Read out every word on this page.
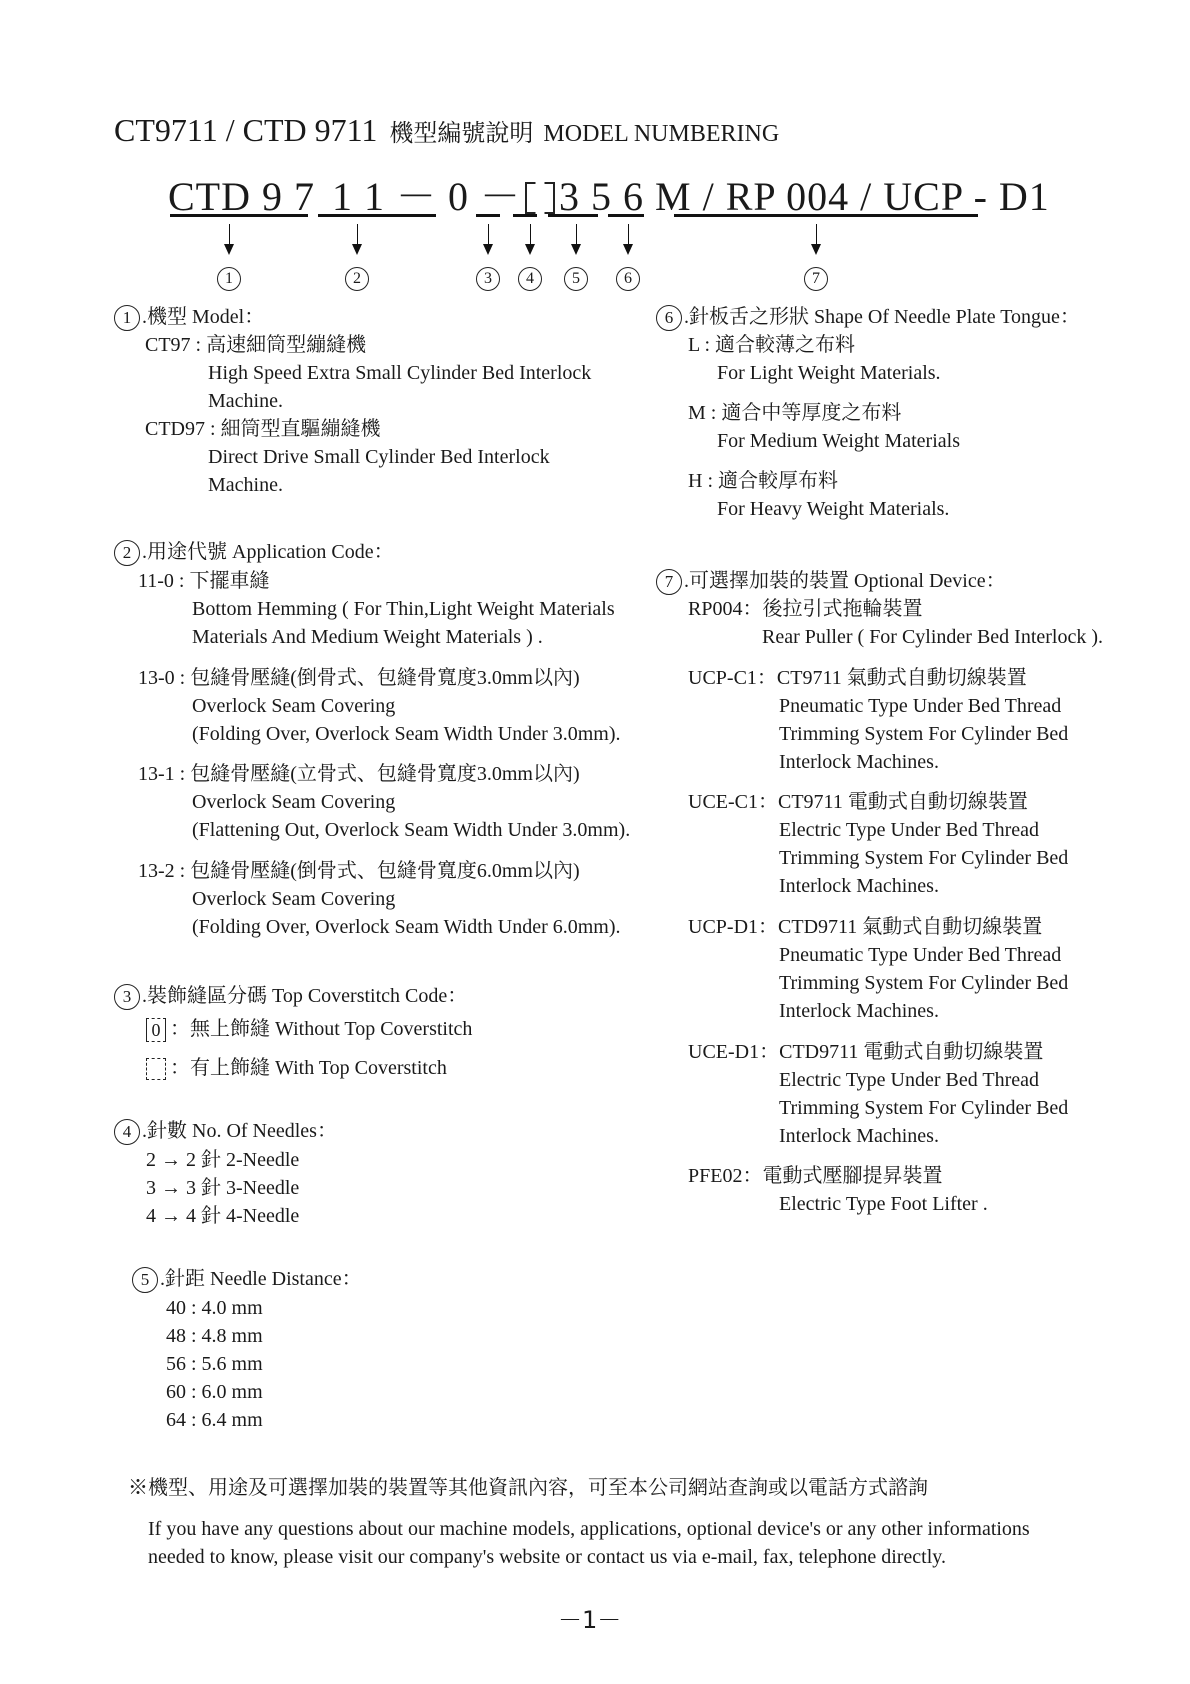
CT9711 / CTD 9711 機型編號說明 MODEL NUMBERING
CTD 9 7 1 1 － 0 － 3 5 6 M / RP 004 / UCP - D1
1	2	3	4	5	6	7
1 .機型 Model：
CT97 : 高速細筒型繃縫機
High Speed Extra Small Cylinder Bed Interlock
Machine.
CTD97 : 細筒型直驅繃縫機
Direct Drive Small Cylinder Bed Interlock
Machine.
2 .用途代號 Application Code：
11-0 : 下擺車縫
Bottom Hemming ( For Thin,Light Weight Materials
Materials And Medium Weight Materials ) .
13-0 : 包縫骨壓縫(倒骨式、包縫骨寬度3.0mm以內)
Overlock Seam Covering
(Folding Over, Overlock Seam Width Under 3.0mm).
13-1 : 包縫骨壓縫(立骨式、包縫骨寬度3.0mm以內)
Overlock Seam Covering
(Flattening Out, Overlock Seam Width Under 3.0mm).
13-2 : 包縫骨壓縫(倒骨式、包縫骨寬度6.0mm以內)
Overlock Seam Covering
(Folding Over, Overlock Seam Width Under 6.0mm).
3 .裝飾縫區分碼 Top Coverstitch Code：
0 ：無上飾縫 Without Top Coverstitch
：有上飾縫 With Top Coverstitch
4 .針數 No. Of Needles：
2 → 2 針 2-Needle
3 → 3 針 3-Needle
4 → 4 針 4-Needle
5 .針距 Needle Distance：
40 : 4.0 mm
48 : 4.8 mm
56 : 5.6 mm
60 : 6.0 mm
64 : 6.4 mm
6 .針板舌之形狀 Shape Of Needle Plate Tongue：
L : 適合較薄之布料
For Light Weight Materials.
M : 適合中等厚度之布料
For Medium Weight Materials
H : 適合較厚布料
For Heavy Weight Materials.
7 .可選擇加裝的裝置 Optional Device：
RP004：後拉引式拖輪裝置
Rear Puller ( For Cylinder Bed Interlock ).
UCP-C1：CT9711 氣動式自動切線裝置
Pneumatic Type Under Bed Thread
Trimming System For Cylinder Bed
Interlock Machines.
UCE-C1：CT9711 電動式自動切線裝置
Electric Type Under Bed Thread
Trimming System For Cylinder Bed
Interlock Machines.
UCP-D1：CTD9711 氣動式自動切線裝置
Pneumatic Type Under Bed Thread
Trimming System For Cylinder Bed
Interlock Machines.
UCE-D1：CTD9711 電動式自動切線裝置
Electric Type Under Bed Thread
Trimming System For Cylinder Bed
Interlock Machines.
PFE02：電動式壓腳提昇裝置
Electric Type Foot Lifter .
※機型、用途及可選擇加裝的裝置等其他資訊內容，可至本公司網站查詢或以電話方式諮詢
If you have any questions about our machine models, applications, optional device's or any other informations
needed to know, please visit our company's website or contact us via e-mail, fax, telephone directly.
－1－
